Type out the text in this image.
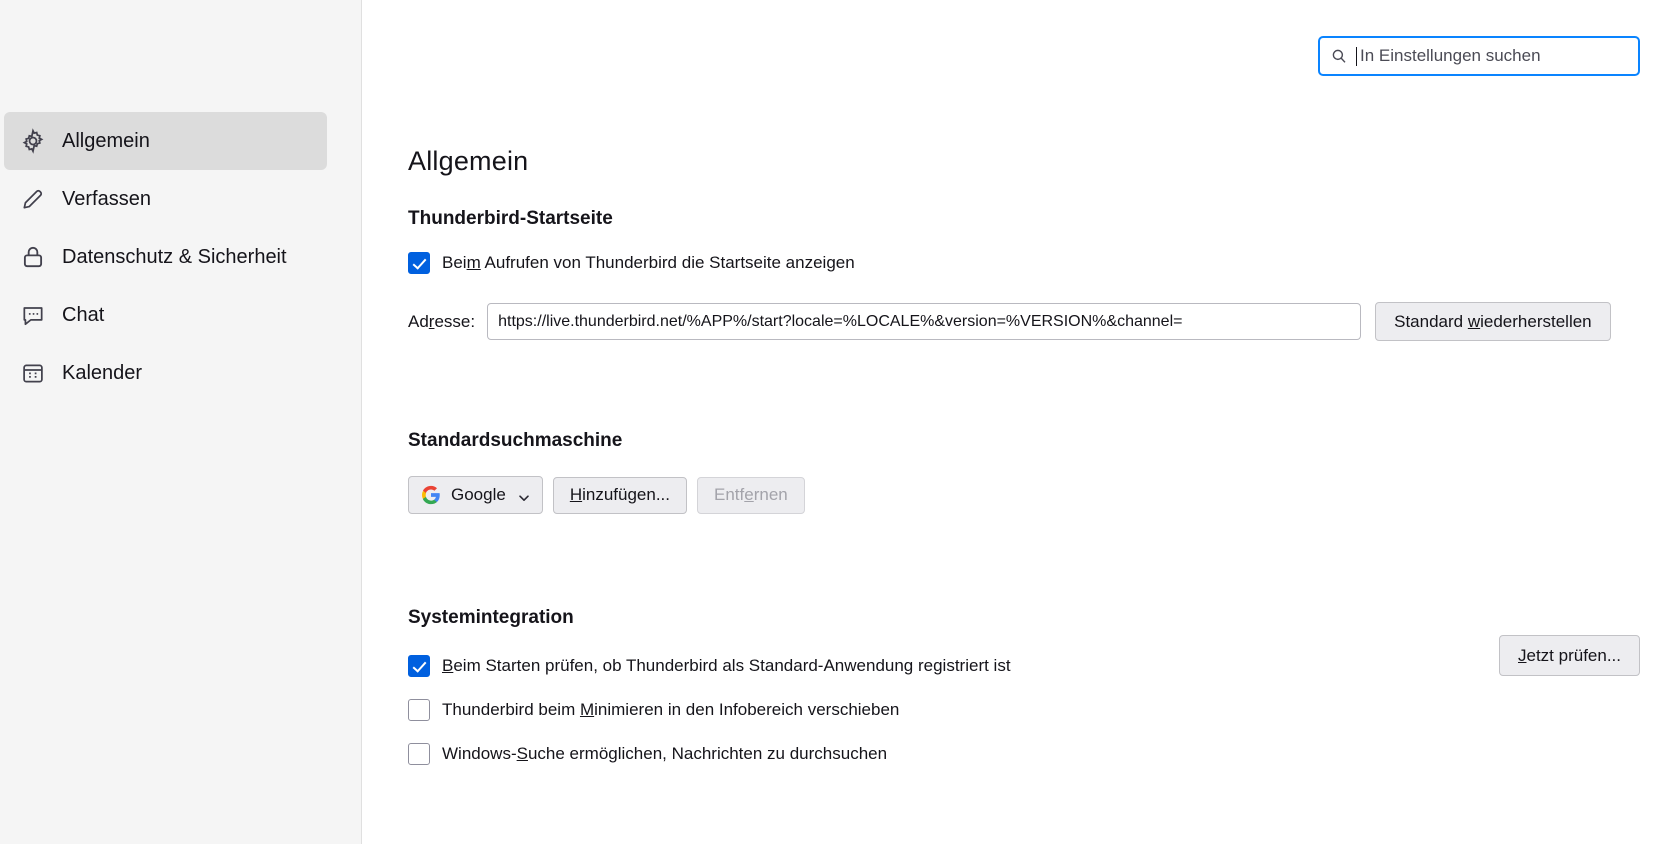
Allgemein
Verfassen
Datenschutz & Sicherheit
Chat
Kalender
In Einstellungen suchen
Allgemein
Thunderbird-Startseite
Beim Aufrufen von Thunderbird die Startseite anzeigen
Adresse:
https://live.thunderbird.net/%APP%/start?locale=%LOCALE%&version=%VERSION%&channel=	Standard wiederherstellen
Standardsuchmaschine
Google	Hinzufügen...	Entfernen
Systemintegration
Jetzt prüfen...
Beim Starten prüfen, ob Thunderbird als Standard-Anwendung registriert ist
Thunderbird beim Minimieren in den Infobereich verschieben
Windows-Suche ermöglichen, Nachrichten zu durchsuchen
